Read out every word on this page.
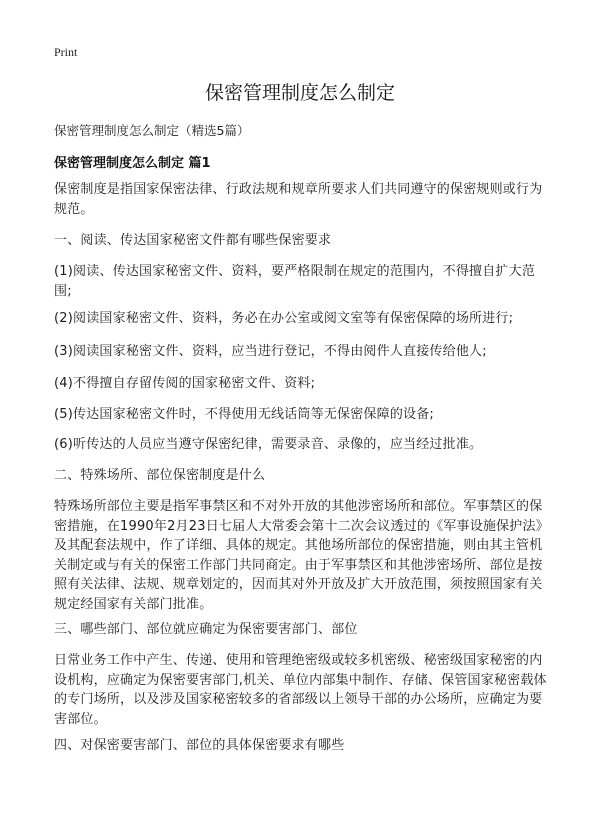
Print
保密管理制度怎么制定
保密管理制度怎么制定（精选5篇）
保密管理制度怎么制定 篇1

保密制度是指国家保密法律、行政法规和规章所要求人们共同遵守的保密规则或行为规范。

一、阅读、传达国家秘密文件都有哪些保密要求

(1)阅读、传达国家秘密文件、资料，要严格限制在规定的范围内，不得擅自扩大范围;

(2)阅读国家秘密文件、资料，务必在办公室或阅文室等有保密保障的场所进行;

(3)阅读国家秘密文件、资料，应当进行登记，不得由阅件人直接传给他人;

(4)不得擅自存留传阅的国家秘密文件、资料;

(5)传达国家秘密文件时，不得使用无线话筒等无保密保障的设备;

(6)听传达的人员应当遵守保密纪律，需要录音、录像的，应当经过批准。

二、特殊场所、部位保密制度是什么

特殊场所部位主要是指军事禁区和不对外开放的其他涉密场所和部位。军事禁区的保密措施，在1990年2月23日七届人大常委会第十二次会议透过的《军事设施保护法》及其配套法规中，作了详细、具体的规定。其他场所部位的保密措施，则由其主管机关制定或与有关的保密工作部门共同商定。由于军事禁区和其他涉密场所、部位是按照有关法律、法规、规章划定的，因而其对外开放及扩大开放范围，须按照国家有关规定经国家有关部门批准。

三、哪些部门、部位就应确定为保密要害部门、部位

日常业务工作中产生、传递、使用和管理绝密级或较多机密级、秘密级国家秘密的内设机构，应确定为保密要害部门,机关、单位内部集中制作、存储、保管国家秘密载体的专门场所，以及涉及国家秘密较多的省部级以上领导干部的办公场所，应确定为要害部位。

四、对保密要害部门、部位的具体保密要求有哪些
